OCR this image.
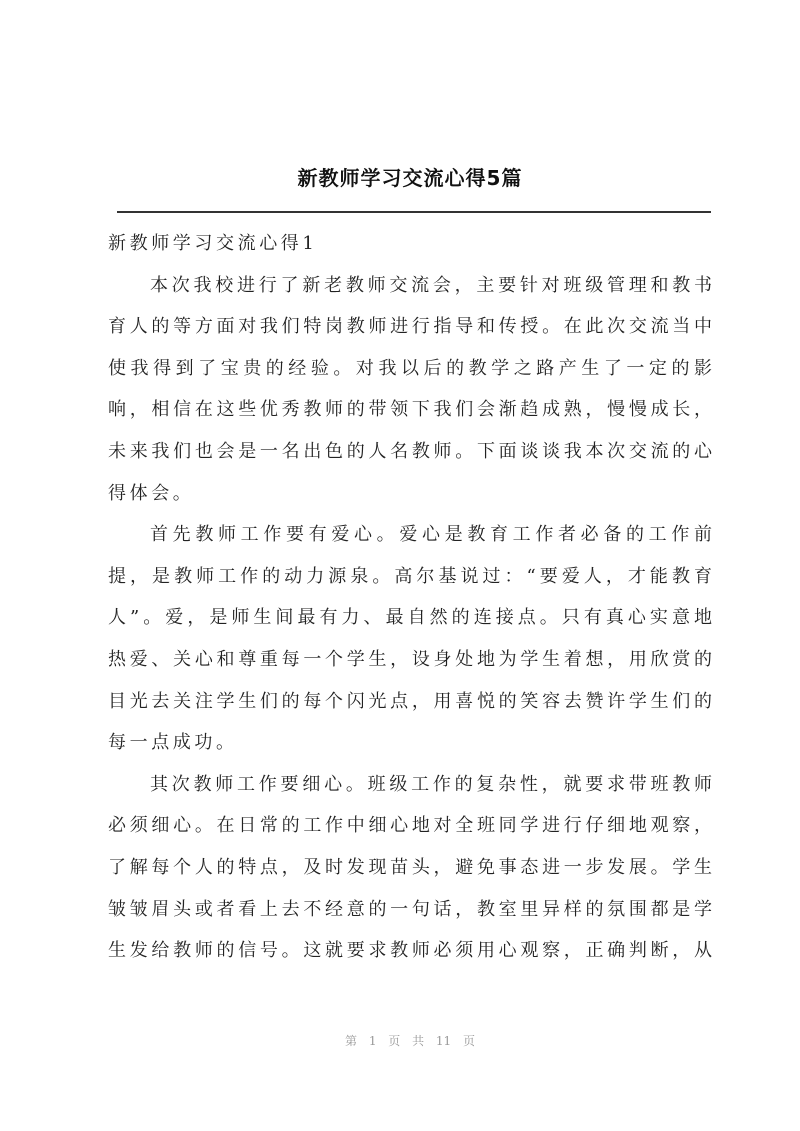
新教师学习交流心得5篇
新教师学习交流心得1
本次我校进行了新老教师交流会，主要针对班级管理和教书
育人的等方面对我们特岗教师进行指导和传授。在此次交流当中
使我得到了宝贵的经验。对我以后的教学之路产生了一定的影
响，相信在这些优秀教师的带领下我们会渐趋成熟，慢慢成长，
未来我们也会是一名出色的人名教师。下面谈谈我本次交流的心
得体会。
首先教师工作要有爱心。爱心是教育工作者必备的工作前
提，是教师工作的动力源泉。高尔基说过：“要爱人，才能教育
人”。爱，是师生间最有力、最自然的连接点。只有真心实意地
热爱、关心和尊重每一个学生，设身处地为学生着想，用欣赏的
目光去关注学生们的每个闪光点，用喜悦的笑容去赞许学生们的
每一点成功。
其次教师工作要细心。班级工作的复杂性，就要求带班教师
必须细心。在日常的工作中细心地对全班同学进行仔细地观察，
了解每个人的特点，及时发现苗头，避免事态进一步发展。学生
皱皱眉头或者看上去不经意的一句话，教室里异样的氛围都是学
生发给教师的信号。这就要求教师必须用心观察，正确判断，从
第 1 页 共 11 页
